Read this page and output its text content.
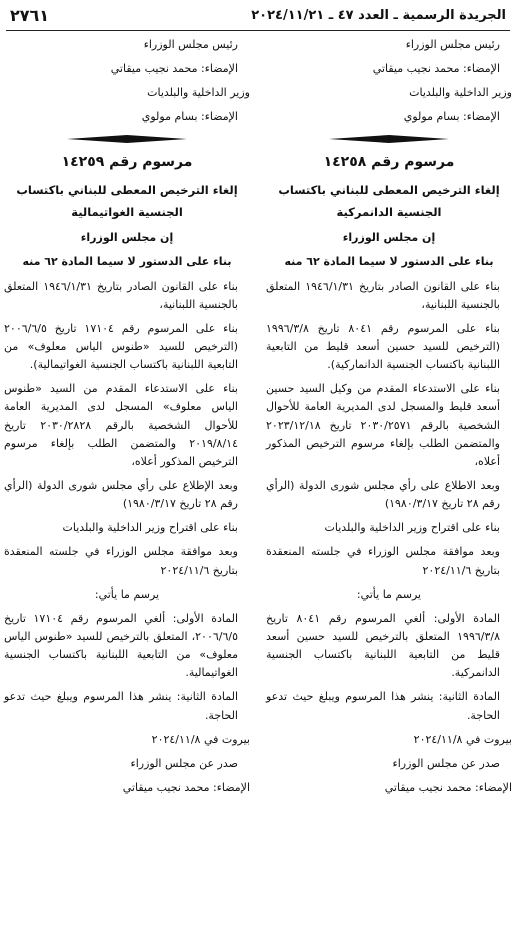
الجريدة الرسمية ـ العدد ٤٧ ـ ٢٠٢٤/١١/٢١
٢٧٦١

رئيس مجلس الوزراء

الإمضاء: محمد نجيب ميقاتي

وزير الداخلية والبلديات

الإمضاء: بسام مولوي

مرسوم رقم ١٤٢٥٨
إلغاء الترخيص المعطى للبناني باكتساب الجنسية الدانمركية

إن مجلس الوزراء

بناء على الدستور لا سيما المادة ٦٢ منه

بناء على القانون الصادر بتاريخ ١٩٤٦/١/٣١ المتعلق بالجنسية اللبنانية،

بناء على المرسوم رقم ٨٠٤١ تاريخ ١٩٩٦/٣/٨ (الترخيص للسيد حسين أسعد قليط من التابعية اللبنانية باكتساب الجنسية الدانماركية).

بناء على الاستدعاء المقدم من وكيل السيد حسين أسعد قليط والمسجل لدى المديرية العامة للأحوال الشخصية بالرقم ٢٠٣٠/٢٥٧١ تاريخ ٢٠٢٣/١٢/١٨ والمتضمن الطلب بإلغاء مرسوم الترخيص المذكور أعلاه،

وبعد الاطلاع على رأي مجلس شورى الدولة (الرأي رقم ٢٨ تاريخ ١٩٨٠/٣/١٧)

بناء على اقتراح وزير الداخلية والبلديات

وبعد موافقة مجلس الوزراء في جلسته المنعقدة بتاريخ ٢٠٢٤/١١/٦

يرسم ما يأتي:

المادة الأولى: ألغي المرسوم رقم ٨٠٤١ تاريخ ١٩٩٦/٣/٨ المتعلق بالترخيص للسيد حسين أسعد قليط من التابعية اللبنانية باكتساب الجنسية الدانمركية.

المادة الثانية: ينشر هذا المرسوم ويبلغ حيث تدعو الحاجة.

بيروت في ٢٠٢٤/١١/٨

صدر عن مجلس الوزراء

الإمضاء: محمد نجيب ميقاتي

رئيس مجلس الوزراء

الإمضاء: محمد نجيب ميقاتي

وزير الداخلية والبلديات

الإمضاء: بسام مولوي

مرسوم رقم ١٤٢٥٩
إلغاء الترخيص المعطى للبناني باكتساب الجنسية الغواتيمالية

إن مجلس الوزراء

بناء على الدستور لا سيما المادة ٦٢ منه

بناء على القانون الصادر بتاريخ ١٩٤٦/١/٣١ المتعلق بالجنسية اللبنانية،

بناء على المرسوم رقم ١٧١٠٤ تاريخ ٢٠٠٦/٦/٥ (الترخيص للسيد «طنوس الياس معلوف» من التابعية اللبنانية باكتساب الجنسية الغواتيمالية).

بناء على الاستدعاء المقدم من السيد «طنوس الياس معلوف» المسجل لدى المديرية العامة للأحوال الشخصية بالرقم ٢٠٣٠/٢٨٢٨ تاريخ ٢٠١٩/٨/١٤ والمتضمن الطلب بإلغاء مرسوم الترخيص المذكور أعلاه،

وبعد الإطلاع على رأي مجلس شورى الدولة (الرأي رقم ٢٨ تاريخ ١٩٨٠/٣/١٧)

بناء على اقتراح وزير الداخلية والبلديات

وبعد موافقة مجلس الوزراء في جلسته المنعقدة بتاريخ ٢٠٢٤/١١/٦

يرسم ما يأتي:

المادة الأولى: ألغي المرسوم رقم ١٧١٠٤ تاريخ ٢٠٠٦/٦/٥، المتعلق بالترخيص للسيد «طنوس الياس معلوف» من التابعية اللبنانية باكتساب الجنسية الغواتيمالية.

المادة الثانية: ينشر هذا المرسوم ويبلغ حيث تدعو الحاجة.

بيروت في ٢٠٢٤/١١/٨

صدر عن مجلس الوزراء

الإمضاء: محمد نجيب ميقاتي
